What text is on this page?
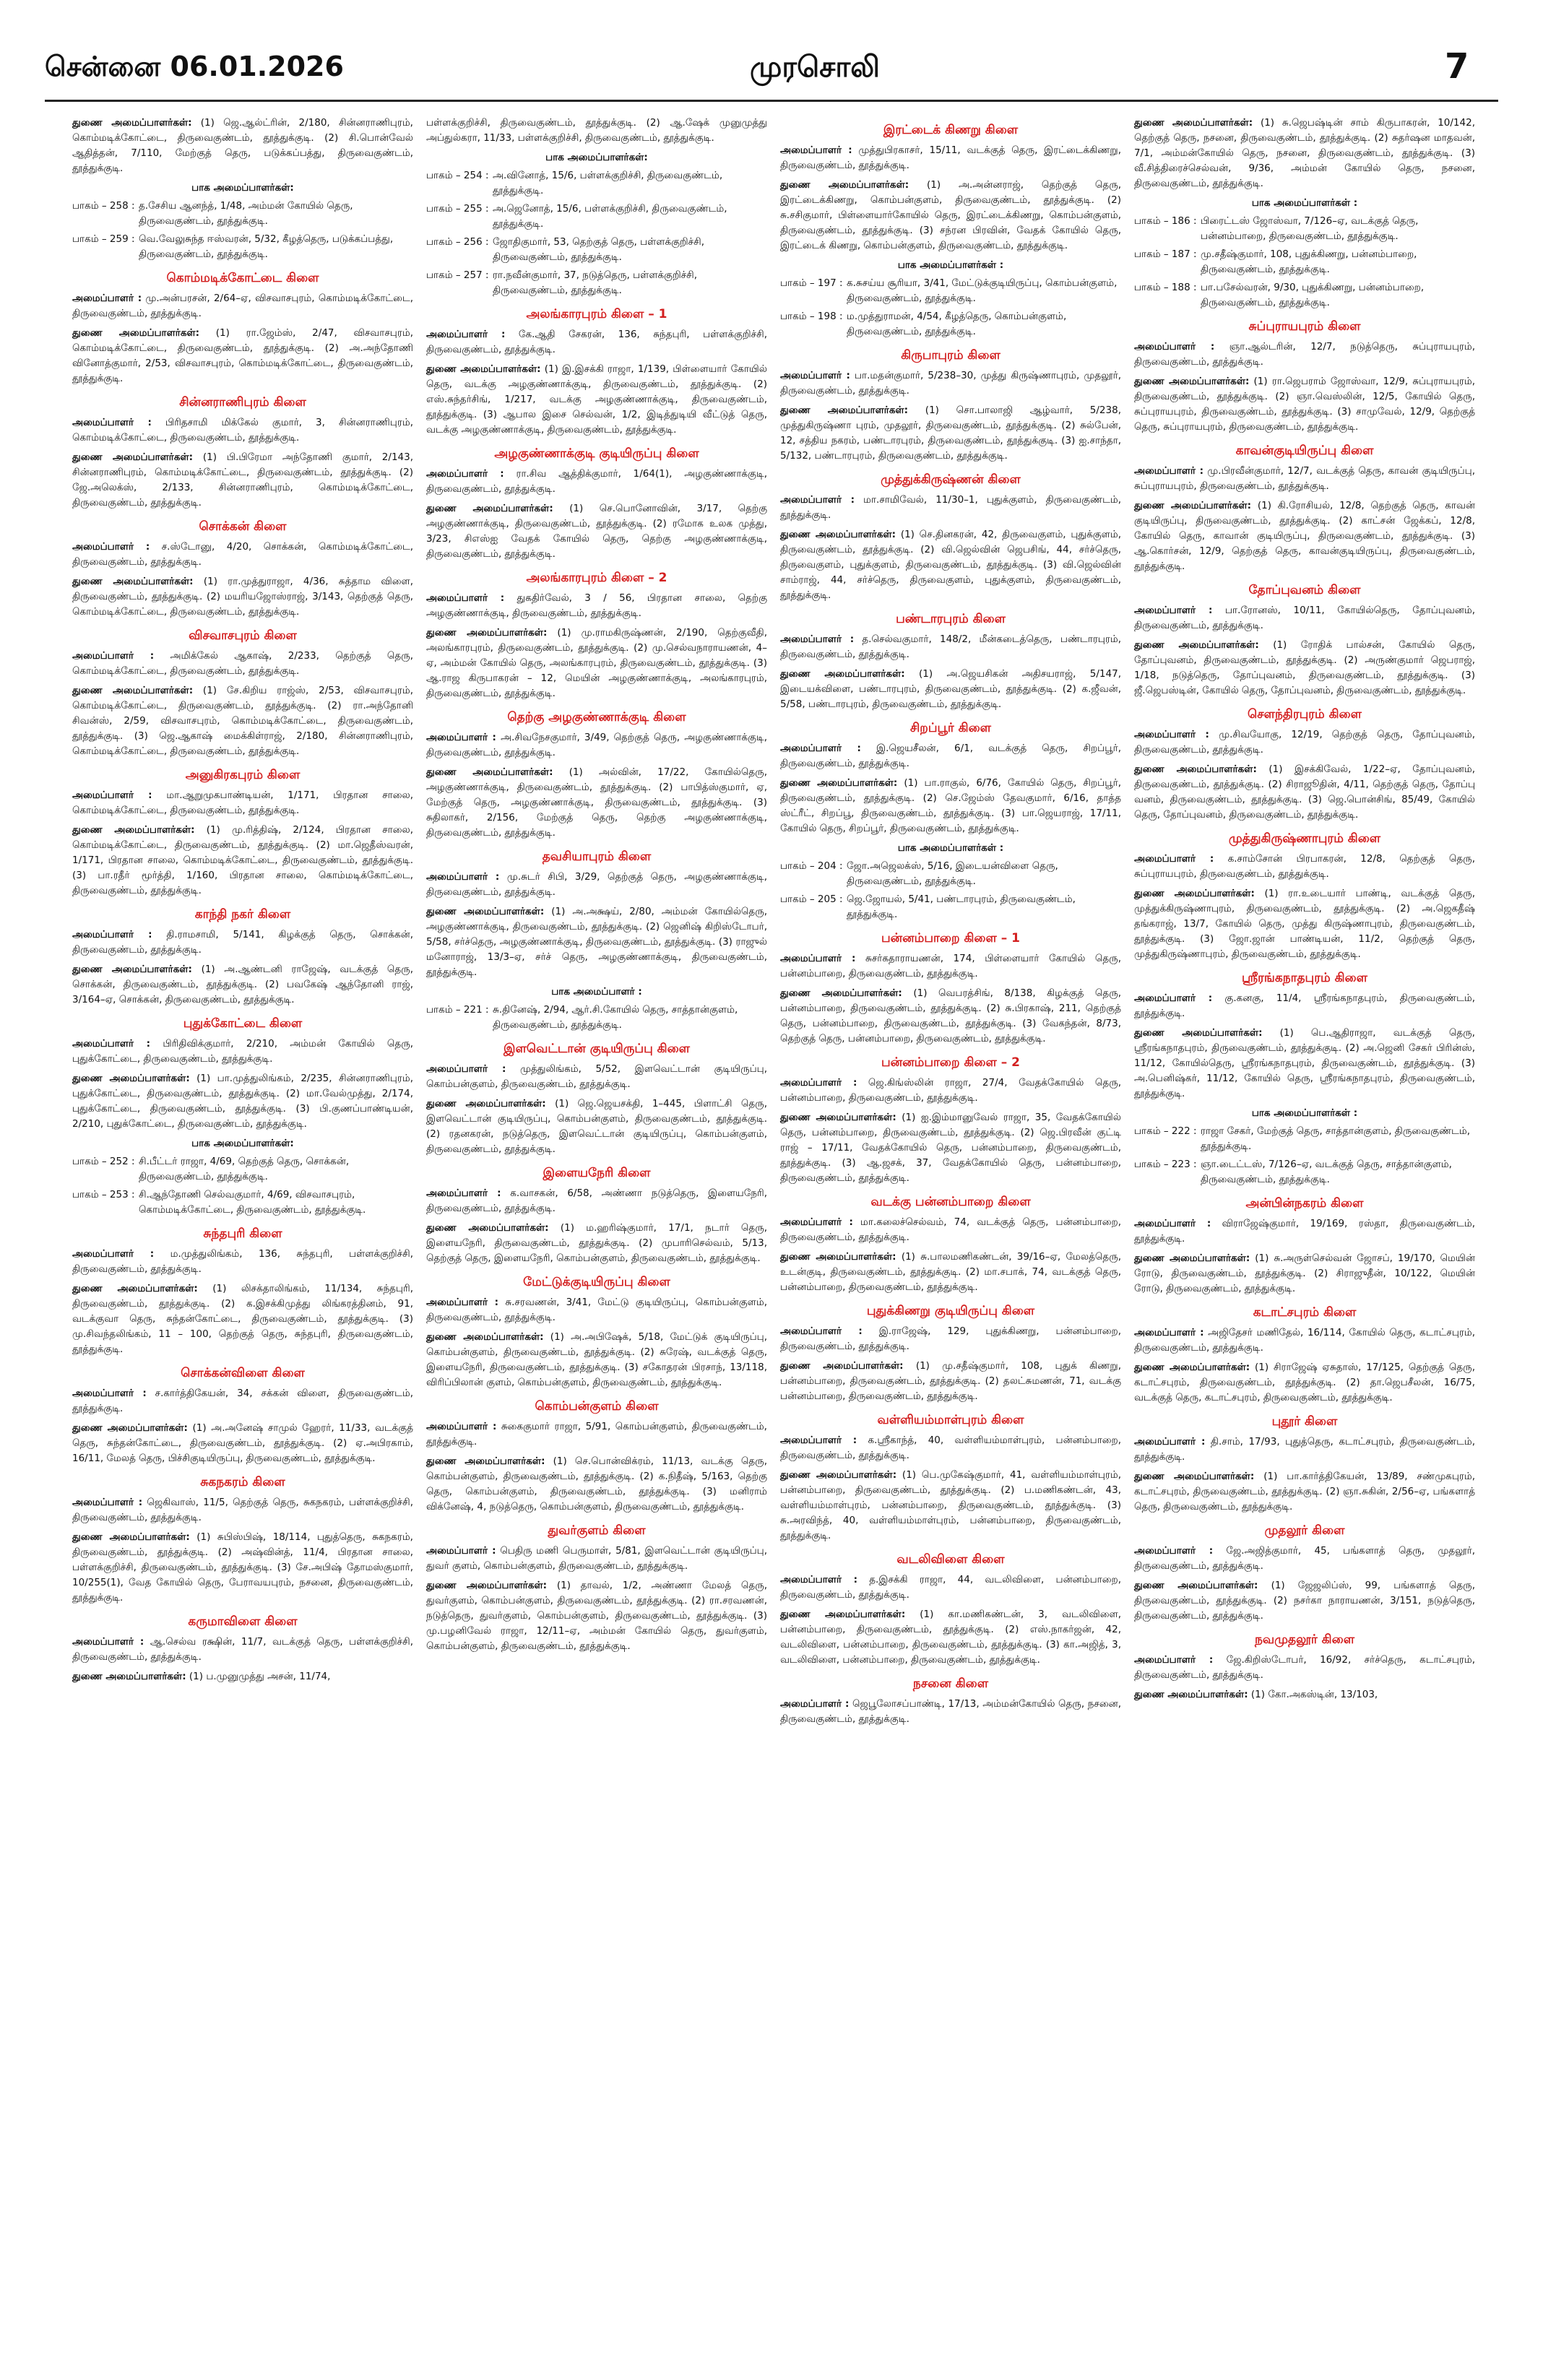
சென்னை 06.01.2026	முரசொலி	7
துணை அமைப்பாளர்கள்: (1) ஜெ.ஆல்ட்ரின், 2/180, சின்னராணிபுரம், கொம்மடிக்கோட்டை, திருவைகுண்டம், தூத்துக்குடி. (2) சி.பொன்வேல் ஆதித்தன், 7/110, மேற்குத் தெரு, படுக்கப்பத்து, திருவைகுண்டம், தூத்துக்குடி.
பாக அமைப்பாளர்கள்:
பாகம் – 258 : த.சேசிய ஆனந்த், 1/48, அம்மன் கோயில் தெரு, திருவைகுண்டம், தூத்துக்குடி.
பாகம் – 259 : வெ.வேலுசுந்த ஈஸ்வரன், 5/32, கீழத்தெரு, படுக்கப்பத்து, திருவைகுண்டம், தூத்துக்குடி.
கொம்மடிக்கோட்டை கிளை
அமைப்பாளர் : மு.அன்பரசன், 2/64–ஏ, விசவாசபுரம், கொம்மடிக்கோட்டை, திருவைகுண்டம், தூத்துக்குடி.
துணை அமைப்பாளர்கள்: (1) ரா.ஜேம்ஸ், 2/47, விசவாசபுரம், கொம்மடிக்கோட்டை, திருவைகுண்டம், தூத்துக்குடி. (2) அ.அந்தோணி வினோத்குமார், 2/53, விசவாசபுரம், கொம்மடிக்கோட்டை, திருவைகுண்டம், தூத்துக்குடி.
சின்னராணிபுரம் கிளை
அமைப்பாளர் : பிரிதசாமி மிக்கேல் குமார், 3, சின்னராணிபுரம், கொம்மடிக்கோட்டை, திருவைகுண்டம், தூத்துக்குடி.
துணை அமைப்பாளர்கள்: (1) பி.பிரேமா அந்தோணி குமார், 2/143, சின்னராணிபுரம், கொம்மடிக்கோட்டை, திருவைகுண்டம், தூத்துக்குடி. (2) ஜே.அலெக்ஸ், 2/133, சின்னராணிபுரம், கொம்மடிக்கோட்டை, திருவைகுண்டம், தூத்துக்குடி.
சொக்கன் கிளை
அமைப்பாளர் : ச.ஸ்டோனு, 4/20, சொக்கன், கொம்மடிக்கோட்டை, திருவைகுண்டம், தூத்துக்குடி.
துணை அமைப்பாளர்கள்: (1) ரா.முத்துராஜா, 4/36, சுத்தாம விளை, திருவைகுண்டம், தூத்துக்குடி. (2) மயரியஜோஸ்ராஜ், 3/143, தெற்குத் தெரு, கொம்மடிக்கோட்டை, திருவைகுண்டம், தூத்துக்குடி.
விசவாசபுரம் கிளை
அமைப்பாளர் : அமிக்கேல் ஆகாஷ், 2/233, தெற்குத் தெரு, கொம்மடிக்கோட்டை, திருவைகுண்டம், தூத்துக்குடி.
துணை அமைப்பாளர்கள்: (1) சே.கிறிய ராஜ்ஸ், 2/53, விசவாசபுரம், கொம்மடிக்கோட்டை, திருவைகுண்டம், தூத்துக்குடி. (2) ரா.அந்தோனி சிவன்ஸ், 2/59, விசவாசபுரம், கொம்மடிக்கோட்டை, திருவைகுண்டம், தூத்துக்குடி. (3) ஜெ.ஆகாஷ் மைக்கிள்ராஜ், 2/180, சின்னராணிபுரம், கொம்மடிக்கோட்டை, திருவைகுண்டம், தூத்துக்குடி.
அனுகிரகபுரம் கிளை
அமைப்பாளர் : மா.ஆறுமுகபாண்டியன், 1/171, பிரதான சாலை, கொம்மடிக்கோட்டை, திருவைகுண்டம், தூத்துக்குடி.
துணை அமைப்பாளர்கள்: (1) மு.ரித்திஷ், 2/124, பிரதான சாலை, கொம்மடிக்கோட்டை, திருவைகுண்டம், தூத்துக்குடி. (2) மா.ஜெதீஸ்வரன், 1/171, பிரதான சாலை, கொம்மடிக்கோட்டை, திருவைகுண்டம், தூத்துக்குடி. (3) பா.ரதீர் மூர்த்தி, 1/160, பிரதான சாலை, கொம்மடிக்கோட்டை, திருவைகுண்டம், தூத்துக்குடி.
காந்தி நகர் கிளை
அமைப்பாளர் : தி.ராமசாமி, 5/141, கிழக்குத் தெரு, சொக்கன், திருவைகுண்டம், தூத்துக்குடி.
துணை அமைப்பாளர்கள்: (1) அ.ஆண்டனி ராஜேஷ், வடக்குத் தெரு, சொக்கன், திருவைகுண்டம், தூத்துக்குடி. (2) பவகேஷ் ஆந்தோனி ராஜ், 3/164–ஏ, சொக்கன், திருவைகுண்டம், தூத்துக்குடி.
புதுக்கோட்டை கிளை
அமைப்பாளர் : பிரிதிவிக்குமார், 2/210, அம்மன் கோயில் தெரு, புதுக்கோட்டை, திருவைகுண்டம், தூத்துக்குடி.
துணை அமைப்பாளர்கள்: (1) பா.முத்துலிங்கம், 2/235, சின்னராணிபுரம், புதுக்கோட்டை, திருவைகுண்டம், தூத்துக்குடி. (2) மா.வேல்முத்து, 2/174, புதுக்கோட்டை, திருவைகுண்டம், தூத்துக்குடி. (3) பி.குணப்பாண்டியன், 2/210, புதுக்கோட்டை, திருவைகுண்டம், தூத்துக்குடி.
பாக அமைப்பாளர்கள்:
பாகம் – 252 : சி.பீட்டர் ராஜா, 4/69, தெற்குத் தெரு, சொக்கன், திருவைகுண்டம், தூத்துக்குடி.
பாகம் – 253 : சி.ஆந்தோணி செல்வகுமார், 4/69, விசவாசபுரம், கொம்மடிக்கோட்டை, திருவைகுண்டம், தூத்துக்குடி.
சுந்தபுரி கிளை
அமைப்பாளர் : ம.முத்துலிங்கம், 136, சுந்தபுரி, பள்ளக்குறிச்சி, திருவைகுண்டம், தூத்துக்குடி.
துணை அமைப்பாளர்கள்: (1) லிசக்தாலிங்கம், 11/134, சுந்தபுரி, திருவைகுண்டம், தூத்துக்குடி. (2) க.இசக்கிமுத்து லிங்கரத்தினம், 91, வடக்குவா தெரு, சுந்தன்கோட்டை, திருவைகுண்டம், தூத்துக்குடி. (3) மு.சிவந்தலிங்கம், 11 – 100, தெற்குத் தெரு, சுந்தபுரி, திருவைகுண்டம், தூத்துக்குடி.
சொக்கன்விளை கிளை
அமைப்பாளர் : ச.கார்த்திகேயன், 34, சக்கன் விளை, திருவைகுண்டம், தூத்துக்குடி.
துணை அமைப்பாளர்கள்: (1) அ.அனேஷ் சாமுல் ஹேரர், 11/33, வடக்குத் தெரு, சுந்தன்கோட்டை, திருவைகுண்டம், தூத்துக்குடி. (2) ஏ.அபிரகாம், 16/11, மேலத் தெரு, பிச்சிகுடியிருப்பு, திருவைகுண்டம், தூத்துக்குடி.
சுகநகரம் கிளை
அமைப்பாளர் : ஜெகிவாஸ், 11/5, தெற்குத் தெரு, சுகநகரம், பள்ளக்குறிச்சி, திருவைகுண்டம், தூத்துக்குடி.
துணை அமைப்பாளர்கள்: (1) சுபிஸ்பிஷ், 18/114, புதுத்தெரு, சுகநகரம், திருவைகுண்டம், தூத்துக்குடி. (2) அஷ்வின்த், 11/4, பிரதான சாலை, பள்ளக்குறிச்சி, திருவைகுண்டம், தூத்துக்குடி. (3) சே.அபிஷ் தோமஸ்குமார், 10/255(1), வேத கோயில் தெரு, பேராவயபுரம், நசனை, திருவைகுண்டம், தூத்துக்குடி.
கருமாவிளை கிளை
அமைப்பாளர் : ஆ.செல்வ ரக்ஷின், 11/7, வடக்குத் தெரு, பள்ளக்குறிச்சி, திருவைகுண்டம், தூத்துக்குடி.
துணை அமைப்பாளர்கள்: (1) ப.முனுமுத்து அசன், 11/74,
பள்ளக்குறிச்சி, திருவைகுண்டம், தூத்துக்குடி. (2) ஆ.ஷேக் முனுமுத்து அப்துல்கரா, 11/33, பள்ளக்குறிச்சி, திருவைகுண்டம், தூத்துக்குடி.
பாக அமைப்பாளர்கள்:
பாகம் – 254 : அ.வினோத், 15/6, பள்ளக்குறிச்சி, திருவைகுண்டம், தூத்துக்குடி.
பாகம் – 255 : அ.ஜெனோத், 15/6, பள்ளக்குறிச்சி, திருவைகுண்டம், தூத்துக்குடி.
பாகம் – 256 : ஜோதிகுமார், 53, தெற்குத் தெரு, பள்ளக்குறிச்சி, திருவைகுண்டம், தூத்துக்குடி.
பாகம் – 257 : ரா.நவீன்குமார், 37, நடுத்தெரு, பள்ளக்குறிச்சி, திருவைகுண்டம், தூத்துக்குடி.
அலங்காரபுரம் கிளை – 1
அமைப்பாளர் : கே.ஆதி சேகரன், 136, சுந்தபுரி, பள்ளக்குறிச்சி, திருவைகுண்டம், தூத்துக்குடி.
துணை அமைப்பாளர்கள்: (1) இ.இசக்கி ராஜா, 1/139, பிள்ளையார் கோயில் தெரு, வடக்கு அழகுண்ணாக்குடி, திருவைகுண்டம், தூத்துக்குடி. (2) எஸ்.சுந்தர்சிங், 1/217, வடக்கு அழகுண்ணாக்குடி, திருவைகுண்டம், தூத்துக்குடி. (3) ஆபால இசை செல்வன், 1/2, இடித்துடியி வீட்டுத் தெரு, வடக்கு அழகுண்ணாக்குடி, திருவைகுண்டம், தூத்துக்குடி.
அழகுண்ணாக்குடி குடியிருப்பு கிளை
அமைப்பாளர் : ரா.சிவ ஆத்திக்குமார், 1/64(1), அழகுண்ணாக்குடி, திருவைகுண்டம், தூத்துக்குடி.
துணை அமைப்பாளர்கள்: (1) செ.பொனோவின், 3/17, தெற்கு அழகுண்ணாக்குடி, திருவைகுண்டம், தூத்துக்குடி. (2) ரமோக உலக முத்து, 3/23, சிஎஸ்ஐ வேதக் கோயில் தெரு, தெற்கு அழகுண்ணாக்குடி, திருவைகுண்டம், தூத்துக்குடி.
அலங்காரபுரம் கிளை – 2
அமைப்பாளர் : துகதிர்வேல், 3 / 56, பிரதான சாலை, தெற்கு அழகுண்ணாக்குடி, திருவைகுண்டம், தூத்துக்குடி.
துணை அமைப்பாளர்கள்: (1) மு.ராமகிருஷ்ணன், 2/190, தெற்குவீதி, அலங்காரபுரம், திருவைகுண்டம், தூத்துக்குடி. (2) மு.செல்வநாராயணன், 4–ஏ, அம்மன் கோயில் தெரு, அலங்காரபுரம், திருவைகுண்டம், தூத்துக்குடி. (3) ஆ.ராஜ கிருபாகரன் – 12, மெயின் அழகுண்ணாக்குடி, அலங்காரபுரம், திருவைகுண்டம், தூத்துக்குடி.
தெற்கு அழகுண்ணாக்குடி கிளை
அமைப்பாளர் : அ.சிவநேசகுமார், 3/49, தெற்குத் தெரு, அழகுண்ணாக்குடி, திருவைகுண்டம், தூத்துக்குடி.
துணை அமைப்பாளர்கள்: (1) அல்வின், 17/22, கோயில்தெரு, அழகுண்ணாக்குடி, திருவைகுண்டம், தூத்துக்குடி. (2) பாபித்ஸ்குமார், ஏ, மேற்குத் தெரு, அழகுண்ணாக்குடி, திருவைகுண்டம், தூத்துக்குடி. (3) சுதிலாகர், 2/156, மேற்குத் தெரு, தெற்கு அழகுண்ணாக்குடி, திருவைகுண்டம், தூத்துக்குடி.
தவசியாபுரம் கிளை
அமைப்பாளர் : மு.சுடர் சிபி, 3/29, தெற்குத் தெரு, அழகுண்ணாக்குடி, திருவைகுண்டம், தூத்துக்குடி.
துணை அமைப்பாளர்கள்: (1) அ.அக்ஷய், 2/80, அம்மன் கோயில்தெரு, அழகுண்ணாக்குடி, திருவைகுண்டம், தூத்துக்குடி. (2) ஜெனிஷ் கிறிஸ்டோபர், 5/58, சர்ச்தெரு, அழகுண்ணாக்குடி, திருவைகுண்டம், தூத்துக்குடி. (3) ராஜுல் மனோராஜ், 13/3–ஏ, சர்ச் தெரு, அழகுண்ணாக்குடி, திருவைகுண்டம், தூத்துக்குடி.
பாக அமைப்பாளர் :
பாகம் – 221 : சு.தினேஷ், 2/94, ஆர்.சி.கோயில் தெரு, சாத்தான்குளம், திருவைகுண்டம், தூத்துக்குடி.
இளவெட்டான் குடியிருப்பு கிளை
அமைப்பாளர் : முத்துலிங்கம், 5/52, இளவெட்டான் குடியிருப்பு, கொம்பன்குளம், திருவைகுண்டம், தூத்துக்குடி.
துணை அமைப்பாளர்கள்: (1) ஜெ.ஜெயசக்தி, 1–445, பிளாட்சி தெரு, இளவெட்டான் குடியிருப்பு, கொம்பன்குளம், திருவைகுண்டம், தூத்துக்குடி. (2) ரதனகரன், நடுத்தெரு, இளவெட்டான் குடியிருப்பு, கொம்பன்குளம், திருவைகுண்டம், தூத்துக்குடி.
இளையநேரி கிளை
அமைப்பாளர் : க.வாசகன், 6/58, அண்ணா நடுத்தெரு, இளையநேரி, திருவைகுண்டம், தூத்துக்குடி.
துணை அமைப்பாளர்கள்: (1) ம.ஹரிஷ்குமார், 17/1, நடார் தெரு, இளையநேரி, திருவைகுண்டம், தூத்துக்குடி. (2) முபாரிசெல்வம், 5/13, தெற்குத் தெரு, இளையநேரி, கொம்பன்குளம், திருவைகுண்டம், தூத்துக்குடி.
மேட்டுக்குடியிருப்பு கிளை
அமைப்பாளர் : சு.சரவணன், 3/41, மேட்டு குடியிருப்பு, கொம்பன்குளம், திருவைகுண்டம், தூத்துக்குடி.
துணை அமைப்பாளர்கள்: (1) அ.அபிஷேக், 5/18, மேட்டுக் குடியிருப்பு, கொம்பன்குளம், திருவைகுண்டம், தூத்துக்குடி. (2) சுரேஷ், வடக்குத் தெரு, இளையநேரி, திருவைகுண்டம், தூத்துக்குடி. (3) சகோதரன் பிரசாந், 13/118, விரிப்பிலான் குளம், கொம்பன்குளம், திருவைகுண்டம், தூத்துக்குடி.
கொம்பன்குளம் கிளை
அமைப்பாளர் : சுகைகுமார் ராஜா, 5/91, கொம்பன்குளம், திருவைகுண்டம், தூத்துக்குடி.
துணை அமைப்பாளர்கள்: (1) செ.பொன்விக்ரம், 11/13, வடக்கு தெரு, கொம்பன்குளம், திருவைகுண்டம், தூத்துக்குடி. (2) க.நிதீஷ், 5/163, தெற்கு தெரு, கொம்பன்குளம், திருவைகுண்டம், தூத்துக்குடி. (3) மனிராம் விக்னேஷ், 4, நடுத்தெரு, கொம்பன்குளம், திருவைகுண்டம், தூத்துக்குடி.
துவர்குளம் கிளை
அமைப்பாளர் : பெதிரு மணி பெருமாள், 5/81, இளவெட்டான் குடியிருப்பு, துவர் குளம், கொம்பன்குளம், திருவைகுண்டம், தூத்துக்குடி.
துணை அமைப்பாளர்கள்: (1) தாவல், 1/2, அண்ணா மேலத் தெரு, துவர்குளம், கொம்பன்குளம், திருவைகுண்டம், தூத்துக்குடி. (2) ரா.சரவணன், நடுத்தெரு, துவர்குளம், கொம்பன்குளம், திருவைகுண்டம், தூத்துக்குடி. (3) மு.பழனிவேல் ராஜா, 12/11–ஏ, அம்மன் கோயில் தெரு, துவர்குளம், கொம்பன்குளம், திருவைகுண்டம், தூத்துக்குடி.
இரட்டைக் கிணறு கிளை
அமைப்பாளர் : முத்துபிரகாசர், 15/11, வடக்குத் தெரு, இரட்டைக்கிணறு, திருவைகுண்டம், தூத்துக்குடி.
துணை அமைப்பாளர்கள்: (1) அ.அன்னராஜ், தெற்குத் தெரு, இரட்டைக்கிணறு, கொம்பன்குளம், திருவைகுண்டம், தூத்துக்குடி. (2) சு.சசிகுமார், பிள்ளையார்கோயில் தெரு, இரட்டைக்கிணறு, கொம்பன்குளம், திருவைகுண்டம், தூத்துக்குடி. (3) சந்ரன பிரவின், வேதக் கோயில் தெரு, இரட்டைக் கிணறு, கொம்பன்குளம், திருவைகுண்டம், தூத்துக்குடி.
பாக அமைப்பாளர்கள் :
பாகம் – 197 : க.சுசய்ய சூரியா, 3/41, மேட்டுக்குடியிருப்பு, கொம்பன்குளம், திருவைகுண்டம், தூத்துக்குடி.
பாகம் – 198 : ம.முத்துராமன், 4/54, கீழத்தெரு, கொம்பன்குளம், திருவைகுண்டம், தூத்துக்குடி.
கிருபாபுரம் கிளை
அமைப்பாளர் : பா.மதன்குமார், 5/238–30, முத்து கிருஷ்ணாபுரம், முதலூர், திருவைகுண்டம், தூத்துக்குடி.
துணை அமைப்பாளர்கள்: (1) சொ.பாலாஜி ஆழ்வார், 5/238, முத்துகிருஷ்ணா புரம், முதலூர், திருவைகுண்டம், தூத்துக்குடி. (2) சுல்பேன், 12, சத்திய நகரம், பண்டாரபுரம், திருவைகுண்டம், தூத்துக்குடி. (3) ஐ.சாந்தா, 5/132, பண்டாரபுரம், திருவைகுண்டம், தூத்துக்குடி.
முத்துக்கிருஷ்ணன் கிளை
அமைப்பாளர் : மா.சாமிவேல், 11/30–1, புதுக்குளம், திருவைகுண்டம், தூத்துக்குடி.
துணை அமைப்பாளர்கள்: (1) செ.தினகரன், 42, திருவைகுளம், புதுக்குளம், திருவைகுண்டம், தூத்துக்குடி. (2) வி.ஜெல்வின் ஜெபசிங், 44, சர்ச்தெரு, திருவைகுளம், புதுக்குளம், திருவைகுண்டம், தூத்துக்குடி. (3) வி.ஜெல்வின் சாம்ராஜ், 44, சர்ச்தெரு, திருவைகுளம், புதுக்குளம், திருவைகுண்டம், தூத்துக்குடி.
பண்டாரபுரம் கிளை
அமைப்பாளர் : த.செல்வகுமார், 148/2, மீன்கடைத்தெரு, பண்டாரபுரம், திருவைகுண்டம், தூத்துக்குடி.
துணை அமைப்பாளர்கள்: (1) அ.ஜெயசிகன் அதிசயராஜ், 5/147, இடையக்விளை, பண்டாரபுரம், திருவைகுண்டம், தூத்துக்குடி. (2) க.ஜீவன், 5/58, பண்டாரபுரம், திருவைகுண்டம், தூத்துக்குடி.
சிறப்பூர் கிளை
அமைப்பாளர் : இ.ஜெயசீலன், 6/1, வடக்குத் தெரு, சிறப்பூர், திருவைகுண்டம், தூத்துக்குடி.
துணை அமைப்பாளர்கள்: (1) பா.ராகுல், 6/76, கோயில் தெரு, சிறப்பூர், திருவைகுண்டம், தூத்துக்குடி. (2) செ.ஜேம்ஸ் தேவகுமார், 6/16, தாத்த ஸ்ட்ரீட், சிறப்பூ, திருவைகுண்டம், தூத்துக்குடி. (3) பா.ஜெயராஜ், 17/11, கோயில் தெரு, சிறப்பூர், திருவைகுண்டம், தூத்துக்குடி.
பாக அமைப்பாளர்கள் :
பாகம் – 204 : ஜோ.அஜெலக்ஸ், 5/16, இடையன்விளை தெரு, திருவைகுண்டம், தூத்துக்குடி.
பாகம் – 205 : ஜெ.ஜோயல், 5/41, பண்டாரபுரம், திருவைகுண்டம், தூத்துக்குடி.
பன்னம்பாறை கிளை – 1
அமைப்பாளர் : சுசர்கதாராயணன், 174, பிள்ளையார் கோயில் தெரு, பன்னம்பாறை, திருவைகுண்டம், தூத்துக்குடி.
துணை அமைப்பாளர்கள்: (1) வெபரத்சிங், 8/138, கிழக்குத் தெரு, பன்னம்பாறை, திருவைகுண்டம், தூத்துக்குடி. (2) சு.பிரகாஷ், 211, தெற்குத் தெரு, பன்னம்பாறை, திருவைகுண்டம், தூத்துக்குடி. (3) வேகந்தன், 8/73, தெற்குத் தெரு, பன்னம்பாறை, திருவைகுண்டம், தூத்துக்குடி.
பன்னம்பாறை கிளை – 2
அமைப்பாளர் : ஜெ.கிங்ஸ்லின் ராஜா, 27/4, வேதக்கோயில் தெரு, பன்னம்பாறை, திருவைகுண்டம், தூத்துக்குடி.
துணை அமைப்பாளர்கள்: (1) ஐ.இம்மானுவேல் ராஜா, 35, வேதக்கோயில் தெரு, பன்னம்பாறை, திருவைகுண்டம், தூத்துக்குடி. (2) ஜெ.பிரவீன் குட்டி ராஜ் – 17/11, வேதக்கோயில் தெரு, பன்னம்பாறை, திருவைகுண்டம், தூத்துக்குடி. (3) ஆ.ஜசக், 37, வேதக்கோயில் தெரு, பன்னம்பாறை, திருவைகுண்டம், தூத்துக்குடி.
வடக்கு பன்னம்பாறை கிளை
அமைப்பாளர் : மா.கலைச்செல்வம், 74, வடக்குத் தெரு, பன்னம்பாறை, திருவைகுண்டம், தூத்துக்குடி.
துணை அமைப்பாளர்கள்: (1) சு.பாலமணிகண்டன், 39/16–ஏ, மேலத்தெரு, உடன்குடி, திருவைகுண்டம், தூத்துக்குடி. (2) மா.சபாக், 74, வடக்குத் தெரு, பன்னம்பாறை, திருவைகுண்டம், தூத்துக்குடி.
புதுக்கிணறு குடியிருப்பு கிளை
அமைப்பாளர் : இ.ராஜேஷ், 129, புதுக்கிணறு, பன்னம்பாறை, திருவைகுண்டம், தூத்துக்குடி.
துணை அமைப்பாளர்கள்: (1) மு.சதீஷ்குமார், 108, புதுக் கிணறு, பன்னம்பாறை, திருவைகுண்டம், தூத்துக்குடி. (2) தலட்சுமணன், 71, வடக்கு பன்னம்பாறை, திருவைகுண்டம், தூத்துக்குடி.
வள்ளியம்மாள்புரம் கிளை
அமைப்பாளர் : க.ஸ்ரீகாந்த், 40, வள்ளியம்மாள்புரம், பன்னம்பாறை, திருவைகுண்டம், தூத்துக்குடி.
துணை அமைப்பாளர்கள்: (1) பெ.முகேஷ்குமார், 41, வள்ளியம்மாள்புரம், பன்னம்பாறை, திருவைகுண்டம், தூத்துக்குடி. (2) ப.மணிகண்டன், 43, வள்ளியம்மாள்புரம், பன்னம்பாறை, திருவைகுண்டம், தூத்துக்குடி. (3) சு.அரவிந்த், 40, வள்ளியம்மாள்புரம், பன்னம்பாறை, திருவைகுண்டம், தூத்துக்குடி.
வடலிவிளை கிளை
அமைப்பாளர் : த.இசக்கி ராஜா, 44, வடலிவிளை, பன்னம்பாறை, திருவைகுண்டம், தூத்துக்குடி.
துணை அமைப்பாளர்கள்: (1) கா.மணிகண்டன், 3, வடலிவிளை, பன்னம்பாறை, திருவைகுண்டம், தூத்துக்குடி. (2) எஸ்.நாகர்ஜன், 42, வடலிவிளை, பன்னம்பாறை, திருவைகுண்டம், தூத்துக்குடி. (3) கா.அஜித், 3, வடலிவிளை, பன்னம்பாறை, திருவைகுண்டம், தூத்துக்குடி.
நசனை கிளை
அமைப்பாளர் : ஜெபூலோசப்பாண்டி, 17/13, அம்மன்கோயில் தெரு, நசனை, திருவைகுண்டம், தூத்துக்குடி.
துணை அமைப்பாளர்கள்: (1) சு.ஜெபஷ்டின் சாம் கிருபாகரன், 10/142, தெற்குத் தெரு, நசனை, திருவைகுண்டம், தூத்துக்குடி. (2) சுதர்ஷன மாதவன், 7/1, அம்மன்கோயில் தெரு, நசனை, திருவைகுண்டம், தூத்துக்குடி. (3) வீ.சித்திரைச்செல்வன், 9/36, அம்மன் கோயில் தெரு, நசனை, திருவைகுண்டம், தூத்துக்குடி.
பாக அமைப்பாளர்கள் :
பாகம் – 186 : பிரைட்டஸ் ஜோஸ்வா, 7/126–ஏ, வடக்குத் தெரு, பன்னம்பாறை, திருவைகுண்டம், தூத்துக்குடி.
பாகம் – 187 : மு.சதீஷ்குமார், 108, புதுக்கிணறு, பன்னம்பாறை, திருவைகுண்டம், தூத்துக்குடி.
பாகம் – 188 : பா.பசேல்வரன், 9/30, புதுக்கிணறு, பன்னம்பாறை, திருவைகுண்டம், தூத்துக்குடி.
சுப்புராயபுரம் கிளை
அமைப்பாளர் : ஞா.ஆல்டரின், 12/7, நடுத்தெரு, சுப்புராயபுரம், திருவைகுண்டம், தூத்துக்குடி.
துணை அமைப்பாளர்கள்: (1) ரா.ஜெபராம் ஜோஸ்வா, 12/9, சுப்புராயபுரம், திருவைகுண்டம், தூத்துக்குடி. (2) ஞா.வெஸ்லின், 12/5, கோயில் தெரு, சுப்புராயபுரம், திருவைகுண்டம், தூத்துக்குடி. (3) சாமுவேல், 12/9, தெற்குத் தெரு, சுப்புராயபுரம், திருவைகுண்டம், தூத்துக்குடி.
காவன்குடியிருப்பு கிளை
அமைப்பாளர் : மு.பிரவீன்குமார், 12/7, வடக்குத் தெரு, காவன் குடியிருப்பு, சுப்புராயபுரம், திருவைகுண்டம், தூத்துக்குடி.
துணை அமைப்பாளர்கள்: (1) கி.ரோசியல், 12/8, தெற்குத் தெரு, காவன் குடியிருப்பு, திருவைகுண்டம், தூத்துக்குடி. (2) காட்சன் ஜேக்கப், 12/8, கோயில் தெரு, காவான் குடியிருப்பு, திருவைகுண்டம், தூத்துக்குடி. (3) ஆ.கொர்சன், 12/9, தெற்குத் தெரு, காவன்குடியிருப்பு, திருவைகுண்டம், தூத்துக்குடி.
தோப்புவனம் கிளை
அமைப்பாளர் : பா.ரோனஸ், 10/11, கோயில்தெரு, தோப்புவனம், திருவைகுண்டம், தூத்துக்குடி.
துணை அமைப்பாளர்கள்: (1) ரோதிக் பால்சன், கோயில் தெரு, தோப்புவனம், திருவைகுண்டம், தூத்துக்குடி. (2) அருண்குமார் ஜெபராஜ், 1/18, நடுத்தெரு, தோப்புவனம், திருவைகுண்டம், தூத்துக்குடி. (3) ஜீ.ஜெபஸ்டின், கோயில் தெரு, தோப்புவனம், திருவைகுண்டம், தூத்துக்குடி.
சௌந்திரபுரம் கிளை
அமைப்பாளர் : மு.சிவயோகு, 12/19, தெற்குத் தெரு, தோப்புவனம், திருவைகுண்டம், தூத்துக்குடி.
துணை அமைப்பாளர்கள்: (1) இசக்கிவேல், 1/22–ஏ, தோப்புவனம், திருவைகுண்டம், தூத்துக்குடி. (2) சிராஜூதின், 4/11, தெற்குத் தெரு, தோப்பு வனம், திருவைகுண்டம், தூத்துக்குடி. (3) ஜெ.பொன்சிங், 85/49, கோயில் தெரு, தோப்புவனம், திருவைகுண்டம், தூத்துக்குடி.
முத்துகிருஷ்ணாபுரம் கிளை
அமைப்பாளர் : க.சாம்சோன் பிரபாகரன், 12/8, தெற்குத் தெரு, சுப்புராயபுரம், திருவைகுண்டம், தூத்துக்குடி.
துணை அமைப்பாளர்கள்: (1) ரா.உடையார் பாண்டி, வடக்குத் தெரு, முத்துக்கிருஷ்ணாபுரம், திருவைகுண்டம், தூத்துக்குடி. (2) அ.ஜெகதீஷ் தங்கராஜ், 13/7, கோயில் தெரு, முத்து கிருஷ்ணாபுரம், திருவைகுண்டம், தூத்துக்குடி. (3) ஜோ.ஜான் பாண்டியன், 11/2, தெற்குத் தெரு, முத்துகிருஷ்ணாபுரம், திருவைகுண்டம், தூத்துக்குடி.
ஸ்ரீரங்கநாதபுரம் கிளை
அமைப்பாளர் : கு.கனகு, 11/4, ஸ்ரீரங்கநாதபுரம், திருவைகுண்டம், தூத்துக்குடி.
துணை அமைப்பாளர்கள்: (1) பெ.ஆதிராஜா, வடக்குத் தெரு, ஸ்ரீரங்கநாதபுரம், திருவைகுண்டம், தூத்துக்குடி. (2) அ.ஜெனி சேகர் பிரின்ஸ், 11/12, கோயில்தெரு, ஸ்ரீரங்கநாதபுரம், திருவைகுண்டம், தூத்துக்குடி. (3) அ.பெனிஷ்கர், 11/12, கோயில் தெரு, ஸ்ரீரங்கநாதபுரம், திருவைகுண்டம், தூத்துக்குடி.
பாக அமைப்பாளர்கள் :
பாகம் – 222 : ராஜா சேகர், மேற்குத் தெரு, சாத்தான்குளம், திருவைகுண்டம், தூத்துக்குடி.
பாகம் – 223 : ஞா.டைட்டஸ், 7/126–ஏ, வடக்குத் தெரு, சாத்தான்குளம், திருவைகுண்டம், தூத்துக்குடி.
அன்பின்நகரம் கிளை
அமைப்பாளர் : விராஜேஷ்குமார், 19/169, ரஸ்தா, திருவைகுண்டம், தூத்துக்குடி.
துணை அமைப்பாளர்கள்: (1) சு.அருள்செல்வன் ஜோசப், 19/170, மெயின் ரோடு, திருவைகுண்டம், தூத்துக்குடி. (2) சிராஜுதீன், 10/122, மெயின் ரோடு, திருவைகுண்டம், தூத்துக்குடி.
கடாட்சபுரம் கிளை
அமைப்பாளர் : அஜிதேசர் மணிதேல், 16/114, கோயில் தெரு, கடாட்சபுரம், திருவைகுண்டம், தூத்துக்குடி.
துணை அமைப்பாளர்கள்: (1) சிராஜேஷ் ஏசுதாஸ், 17/125, தெற்குத் தெரு, கடாட்சபுரம், திருவைகுண்டம், தூத்துக்குடி. (2) தா.ஜெபசீலன், 16/75, வடக்குத் தெரு, கடாட்சபுரம், திருவைகுண்டம், தூத்துக்குடி.
புதூர் கிளை
அமைப்பாளர் : தி.சாம், 17/93, புதுத்தெரு, கடாட்சபுரம், திருவைகுண்டம், தூத்துக்குடி.
துணை அமைப்பாளர்கள்: (1) பா.கார்த்திகேயன், 13/89, சண்முகபுரம், கடாட்சபுரம், திருவைகுண்டம், தூத்துக்குடி. (2) ஞா.சுகின், 2/56–ஏ, பங்களாத் தெரு, திருவைகுண்டம், தூத்துக்குடி.
முதலூர் கிளை
அமைப்பாளர் : ஜே.அஜித்குமார், 45, பங்களாத் தெரு, முதலூர், திருவைகுண்டம், தூத்துக்குடி.
துணை அமைப்பாளர்கள்: (1) ஜேஜலிப்ஸ், 99, பங்களாத் தெரு, திருவைகுண்டம், தூத்துக்குடி. (2) நசர்கா நாராயணன், 3/151, நடுத்தெரு, திருவைகுண்டம், தூத்துக்குடி.
நவமுதலூர் கிளை
அமைப்பாளர் : ஜே.கிறிஸ்டோபர், 16/92, சர்ச்தெரு, கடாட்சபுரம், திருவைகுண்டம், தூத்துக்குடி.
துணை அமைப்பாளர்கள்: (1) கோ.அகஸ்டின், 13/103,
